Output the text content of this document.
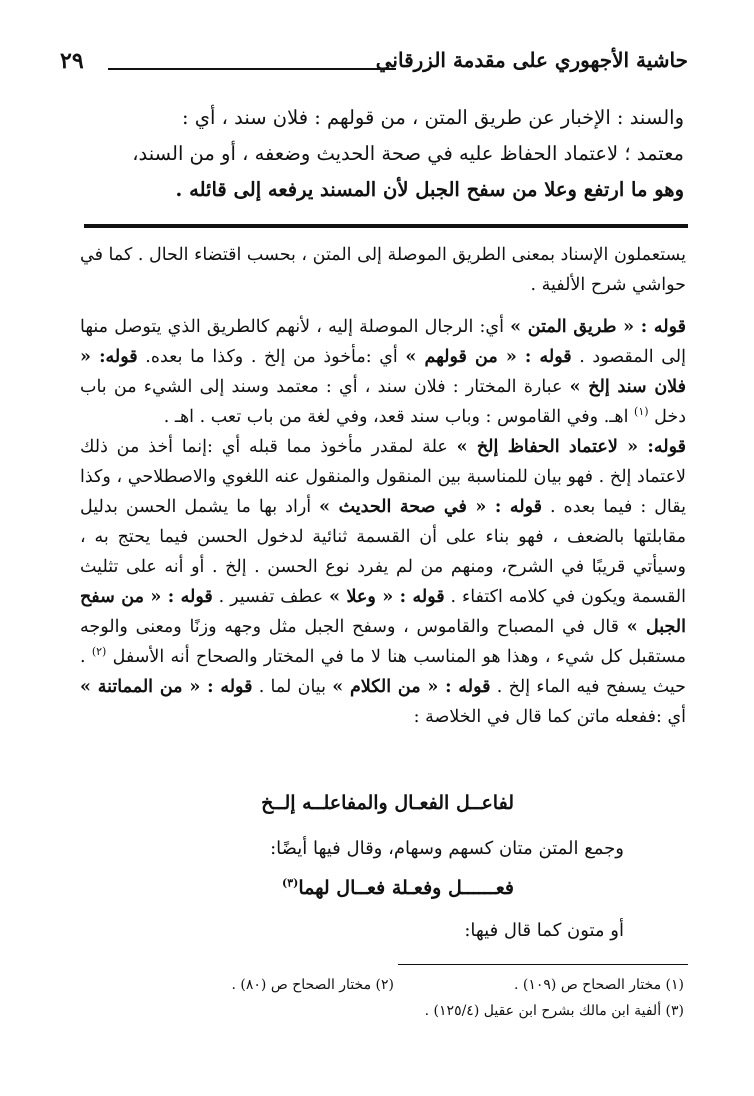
حاشية الأجهوري على مقدمة الزرقاني
٢٩

والسند : الإخبار عن طريق المتن ، من قولهم : فلان سند ، أي :

معتمد ؛ لاعتماد الحفاظ عليه في صحة الحديث وضعفه ، أو من السند،

وهو ما ارتفع وعلا من سفح الجبل لأن المسند يرفعه إلى قائله .

يستعملون الإسناد بمعنى الطريق الموصلة إلى المتن ، بحسب اقتضاء الحال . كما في حواشي شرح الألفية .

قوله : « طريق المتن » أي: الرجال الموصلة إليه ، لأنهم كالطريق الذي يتوصل منها إلى المقصود . قوله : « من قولهم » أي :مأخوذ من إلخ . وكذا ما بعده. قوله: « فلان سند إلخ » عبارة المختار : فلان سند ، أي : معتمد وسند إلى الشيء من باب دخل $^{(١)}$ اهـ. وفي القاموس : وباب سند قعد، وفي لغة من باب تعب . اهـ .
قوله: « لاعتماد الحفاظ إلخ » علة لمقدر مأخوذ مما قبله أي :إنما أخذ من ذلك لاعتماد إلخ . فهو بيان للمناسبة بين المنقول والمنقول عنه اللغوي والاصطلاحي ، وكذا يقال : فيما بعده . قوله : « في صحة الحديث » أراد بها ما يشمل الحسن بدليل مقابلتها بالضعف ، فهو بناء على أن القسمة ثنائية لدخول الحسن فيما يحتج به ، وسيأتي قريبًا في الشرح، ومنهم من لم يفرد نوع الحسن . إلخ . أو أنه على تثليث القسمة ويكون في كلامه اكتفاء . قوله : « وعلا » عطف تفسير . قوله : « من سفح الجبل » قال في المصباح والقاموس ، وسفح الجبل مثل وجهه وزنًا ومعنى والوجه مستقبل كل شيء ، وهذا هو المناسب هنا لا ما في المختار والصحاح أنه الأسفل $^{(٢)}$ . حيث يسفح فيه الماء إلخ . قوله : « من الكلام » بيان لما . قوله : « من المماتنة » أي :ففعله ماتن كما قال في الخلاصة :

لفاعــل الفعـال والمفاعلــه إلــخ
وجمع المتن متان كسهم وسهام، وقال فيها أيضًا:
فعــــــل وفعـلة فعــال لهما$^{(٣)}$
أو متون كما قال فيها:
(١) مختار الصحاح ص (١٠٩) .
(٢) مختار الصحاح ص (٨٠) .
(٣) ألفية ابن مالك بشرح ابن عقيل (١٢٥/٤) .
